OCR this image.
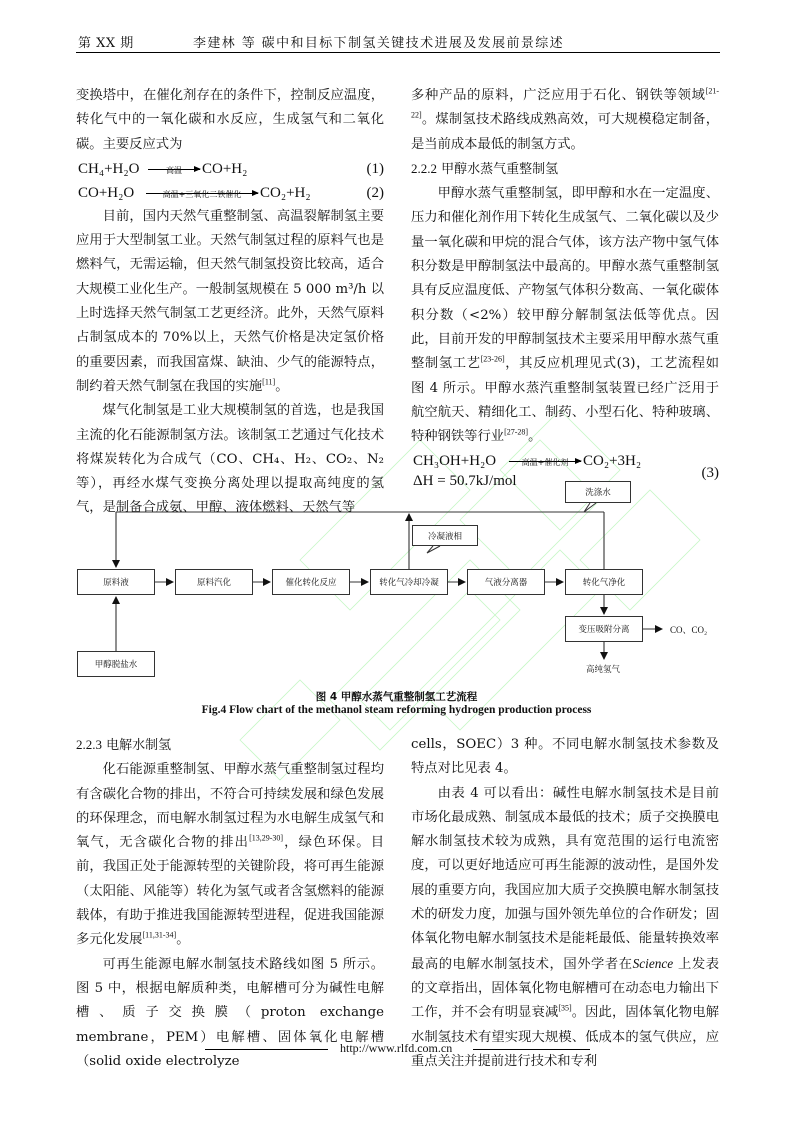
第 XX 期	李建林 等 碳中和目标下制氢关键技术进展及发展前景综述

变换塔中，在催化剂存在的条件下，控制反应温度，转化气中的一氧化碳和水反应，生成氢气和二氧化碳。主要反应式为

CH₄+H₂O	高温	CO+H₂	(1)
CO+H₂O	高温+三氧化二铁催化	CO₂+H₂	(2)

目前，国内天然气重整制氢、高温裂解制氢主要应用于大型制氢工业。天然气制氢过程的原料气也是燃料气，无需运输，但天然气制氢投资比较高，适合大规模工业化生产。一般制氢规模在 5 000 m³/h 以上时选择天然气制氢工艺更经济。此外，天然气原料占制氢成本的 70%以上，天然气价格是决定氢价格的重要因素，而我国富煤、缺油、少气的能源特点，制约着天然气制氢在我国的实施[11]。

煤气化制氢是工业大规模制氢的首选，也是我国主流的化石能源制氢方法。该制氢工艺通过气化技术将煤炭转化为合成气（CO、CH₄、H₂、CO₂、N₂ 等），再经水煤气变换分离处理以提取高纯度的氢气，是制备合成氨、甲醇、液体燃料、天然气等

多种产品的原料，广泛应用于石化、钢铁等领域[21-22]。煤制氢技术路线成熟高效，可大规模稳定制备，是当前成本最低的制氢方式。

2.2.2 甲醇水蒸气重整制氢

甲醇水蒸气重整制氢，即甲醇和水在一定温度、压力和催化剂作用下转化生成氢气、二氧化碳以及少量一氧化碳和甲烷的混合气体，该方法产物中氢气体积分数是甲醇制氢法中最高的。甲醇水蒸气重整制氢具有反应温度低、产物氢气体积分数高、一氧化碳体积分数（<2%）较甲醇分解制氢法低等优点。因此，目前开发的甲醇制氢技术主要采用甲醇水蒸气重整制氢工艺[23-26]，其反应机理见式(3)，工艺流程如图 4 所示。甲醇水蒸汽重整制氢装置已经广泛用于航空航天、精细化工、制药、小型石化、特种玻璃、特种钢铁等行业[27-28]。

CH₃OH+H₂O	高温+催化剂 CO₂+3H₂
ΔH = 50.7kJ/mol	(3)
原料液	原料汽化	催化转化反应	转化气冷却冷凝	气液分离器	转化气净化
变压吸附分离
甲醇脱盐水
洗涤水
冷凝液相
CO、CO₂
高纯氢气
图 4 甲醇水蒸气重整制氢工艺流程
Fig.4 Flow chart of the methanol steam reforming hydrogen production process

2.2.3 电解水制氢

化石能源重整制氢、甲醇水蒸气重整制氢过程均有含碳化合物的排出，不符合可持续发展和绿色发展的环保理念，而电解水制氢过程为水电解生成氢气和氧气，无含碳化合物的排出[13,29-30]，绿色环保。目前，我国正处于能源转型的关键阶段，将可再生能源（太阳能、风能等）转化为氢气或者含氢燃料的能源载体，有助于推进我国能源转型进程，促进我国能源多元化发展[11,31-34]。

可再生能源电解水制氢技术路线如图 5 所示。图 5 中，根据电解质种类，电解槽可分为碱性电解槽、质子交换膜（proton exchange membrane，PEM）电解槽、固体氧化电解槽（solid oxide electrolyze

cells，SOEC）3 种。不同电解水制氢技术参数及特点对比见表 4。

由表 4 可以看出：碱性电解水制氢技术是目前市场化最成熟、制氢成本最低的技术；质子交换膜电解水制氢技术较为成熟，具有宽范围的运行电流密度，可以更好地适应可再生能源的波动性，是国外发展的重要方向，我国应加大质子交换膜电解水制氢技术的研发力度，加强与国外领先单位的合作研发；固体氧化物电解水制氢技术是能耗最低、能量转换效率最高的电解水制氢技术，国外学者在Science 上发表的文章指出，固体氧化物电解槽可在动态电力输出下工作，并不会有明显衰减[35]。因此，固体氧化物电解水制氢技术有望实现大规模、低成本的氢气供应，应重点关注并提前进行技术和专利

http://www.rlfd.com.cn
